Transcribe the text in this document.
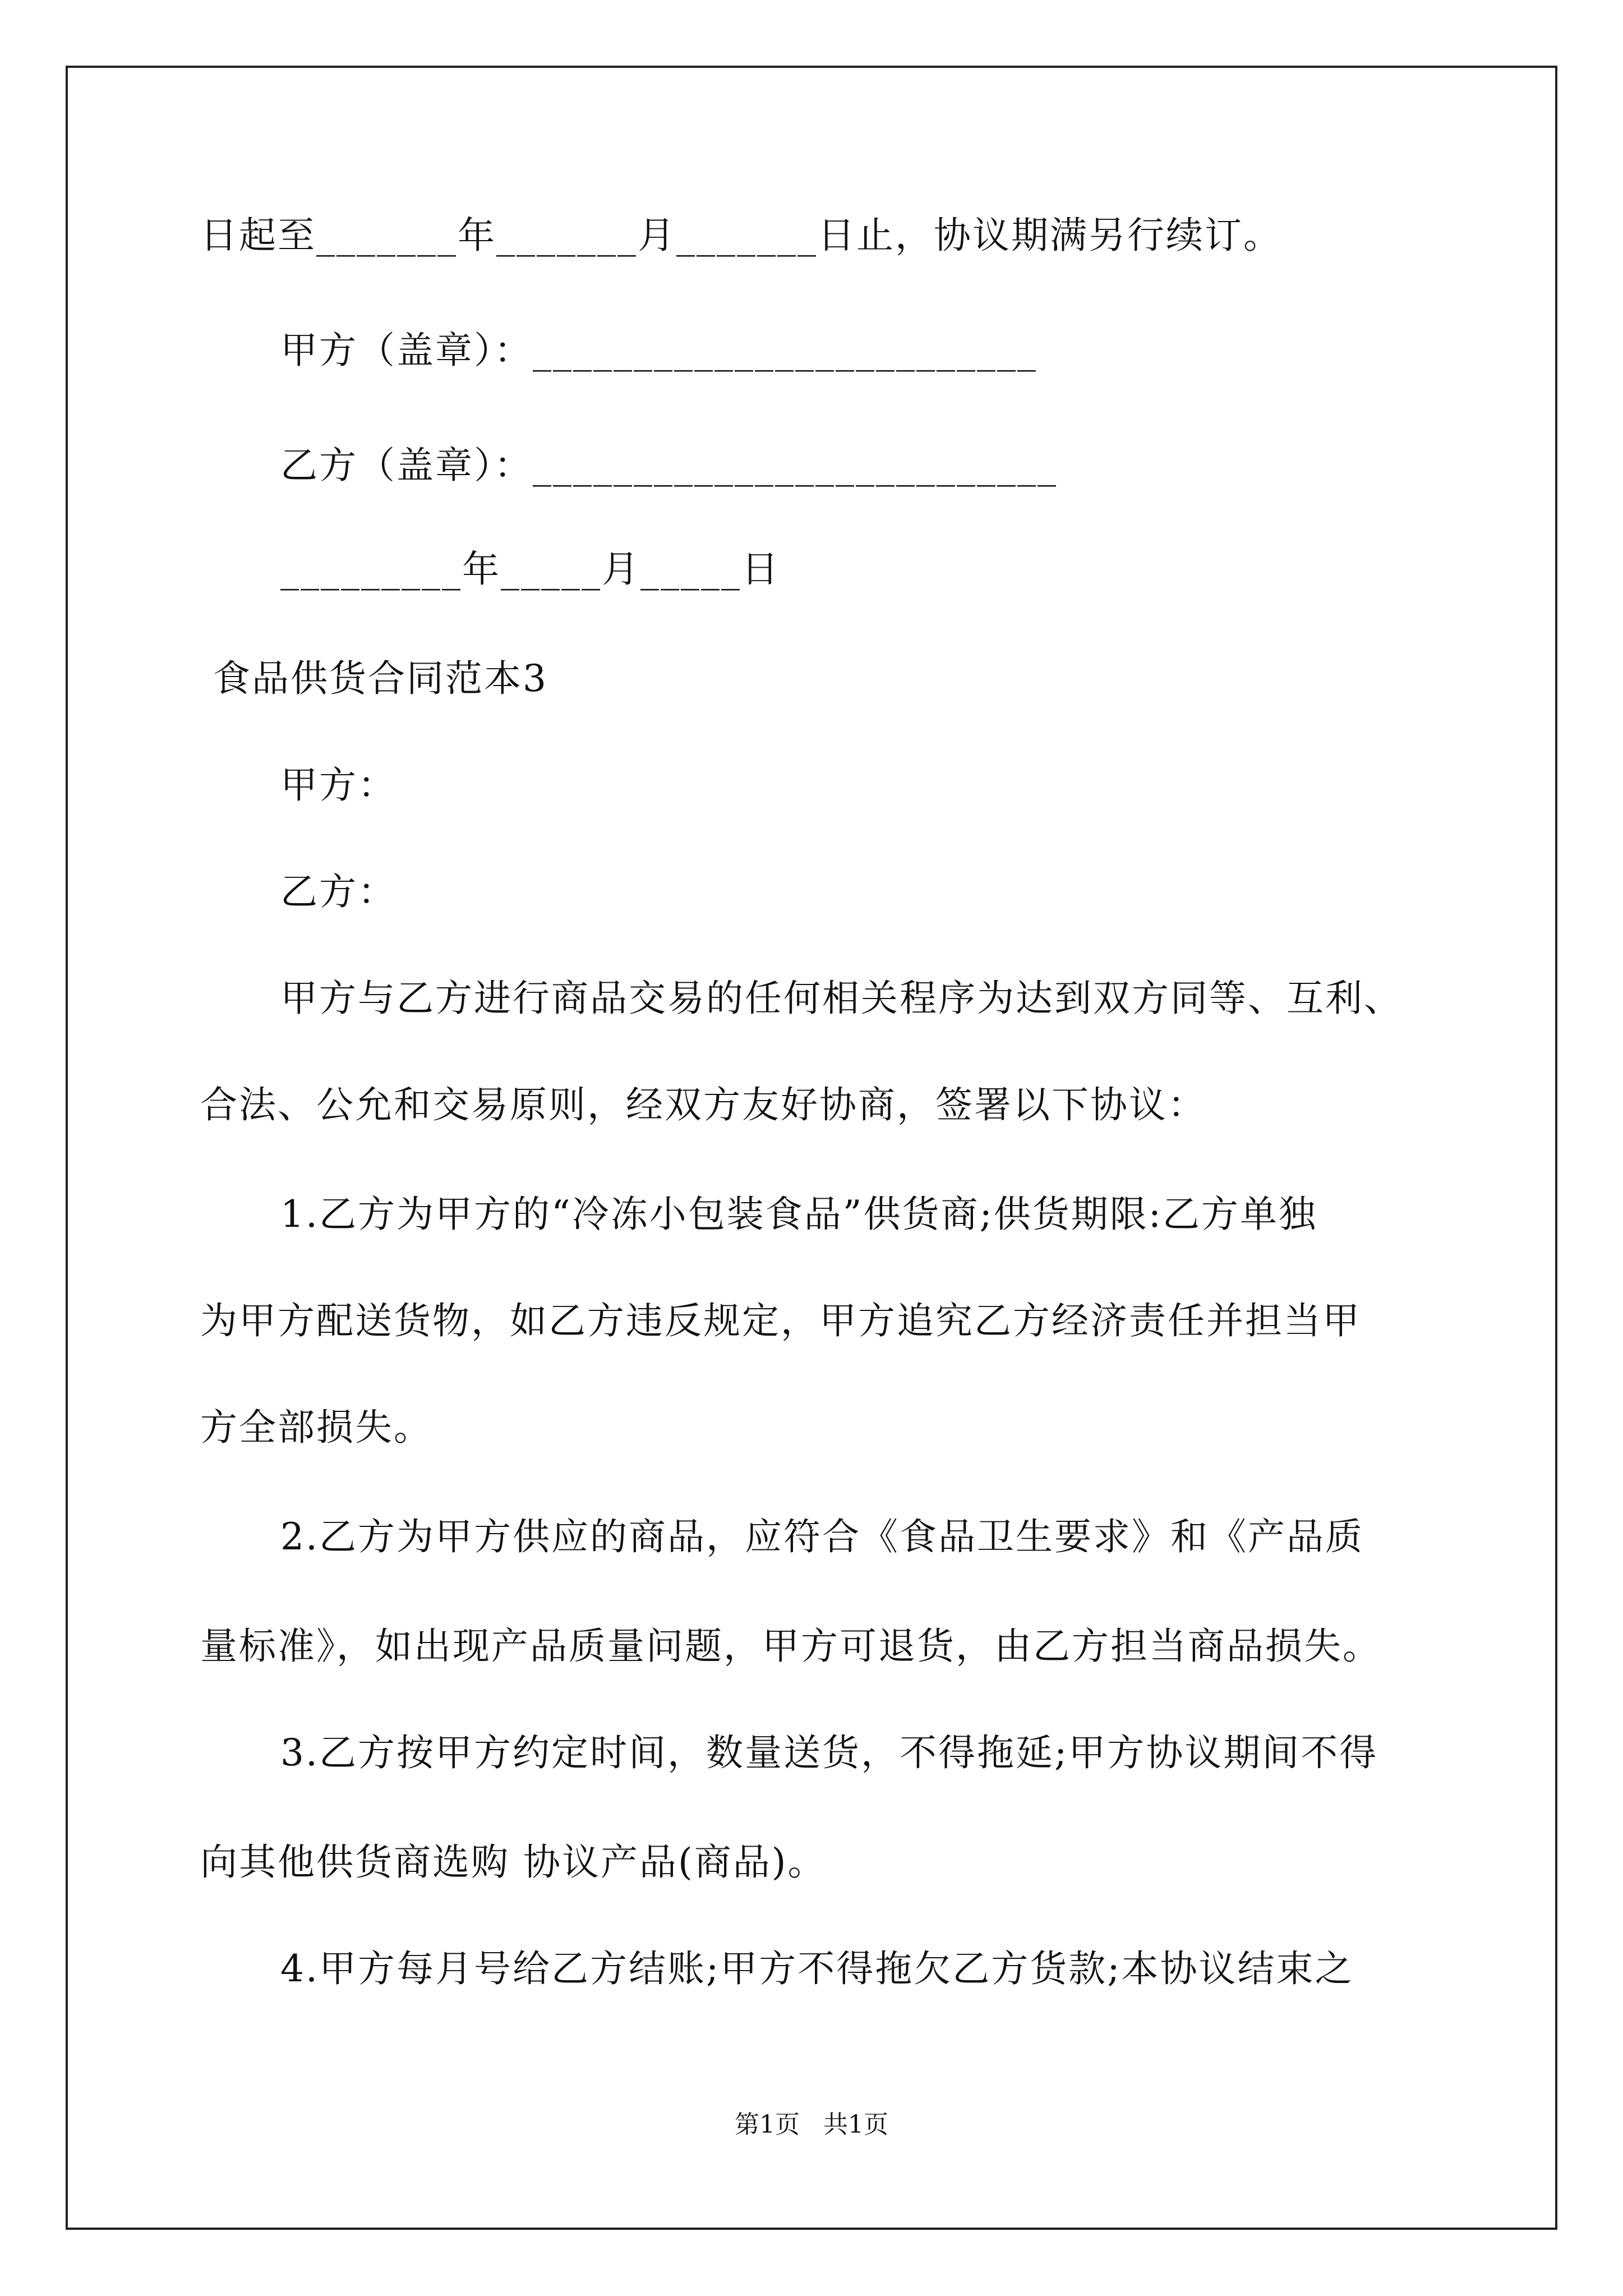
日起至_______年_______月_______日止，协议期满另行续订。
甲方（盖章）：_________________________
乙方（盖章）：__________________________
_________年_____月_____日
食品供货合同范本3
甲方：
乙方：
甲方与乙方进行商品交易的任何相关程序为达到双方同等、互利、
合法、公允和交易原则，经双方友好协商，签署以下协议：
1.乙方为甲方的“冷冻小包装食品”供货商;供货期限:乙方单独
为甲方配送货物，如乙方违反规定，甲方追究乙方经济责任并担当甲
方全部损失。
2.乙方为甲方供应的商品，应符合《食品卫生要求》和《产品质
量标准》，如出现产品质量问题，甲方可退货，由乙方担当商品损失。
3.乙方按甲方约定时间，数量送货，不得拖延;甲方协议期间不得
向其他供货商选购 协议产品(商品)。
4.甲方每月号给乙方结账;甲方不得拖欠乙方货款;本协议结束之
第1页   共1页
